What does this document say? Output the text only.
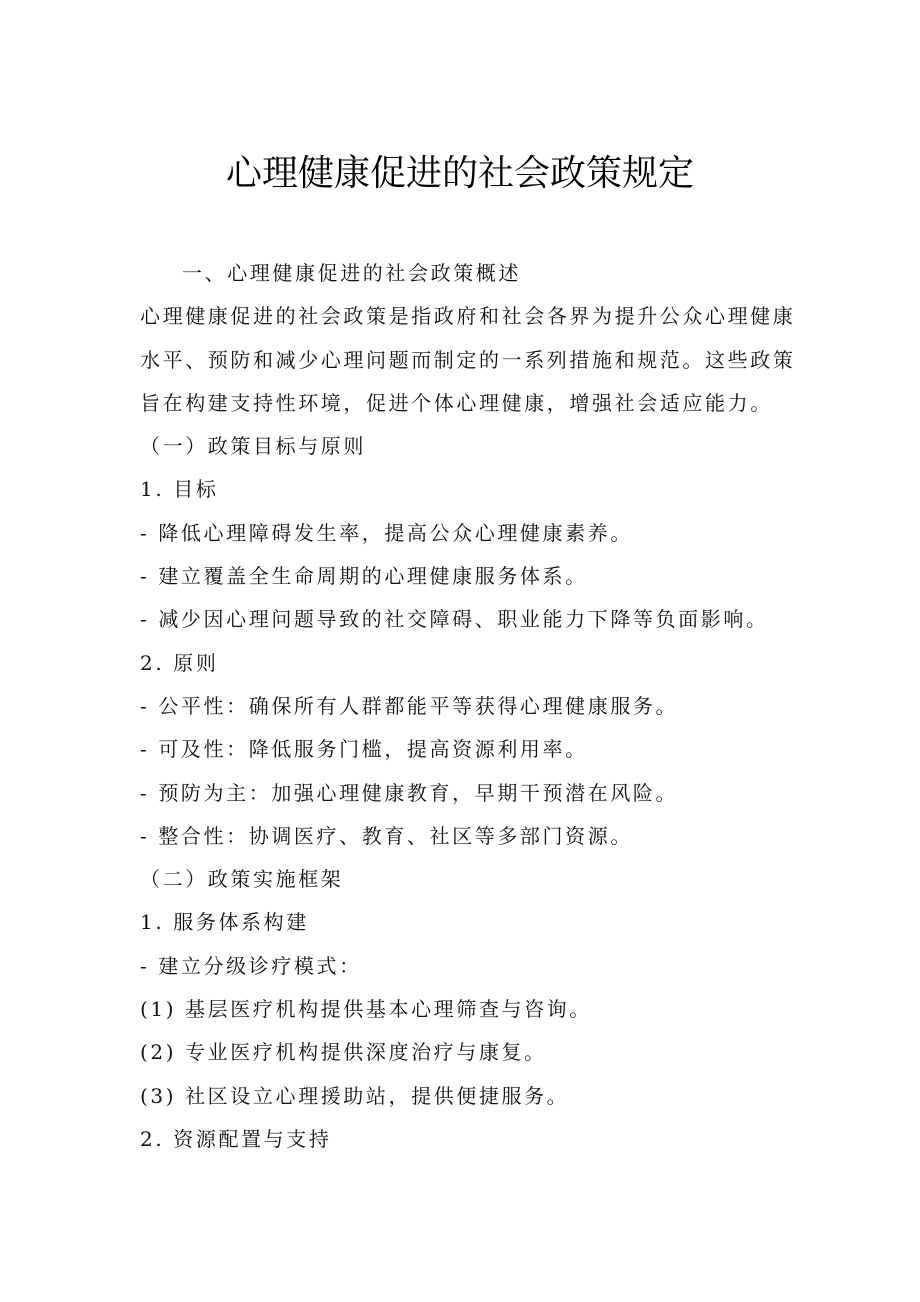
心理健康促进的社会政策规定
一、心理健康促进的社会政策概述
心理健康促进的社会政策是指政府和社会各界为提升公众心理健康
水平、预防和减少心理问题而制定的一系列措施和规范。这些政策
旨在构建支持性环境，促进个体心理健康，增强社会适应能力。
（一）政策目标与原则
1. 目标
- 降低心理障碍发生率，提高公众心理健康素养。
- 建立覆盖全生命周期的心理健康服务体系。
- 减少因心理问题导致的社交障碍、职业能力下降等负面影响。
2. 原则
- 公平性：确保所有人群都能平等获得心理健康服务。
- 可及性：降低服务门槛，提高资源利用率。
- 预防为主：加强心理健康教育，早期干预潜在风险。
- 整合性：协调医疗、教育、社区等多部门资源。
（二）政策实施框架
1. 服务体系构建
- 建立分级诊疗模式：
(1) 基层医疗机构提供基本心理筛查与咨询。
(2) 专业医疗机构提供深度治疗与康复。
(3) 社区设立心理援助站，提供便捷服务。
2. 资源配置与支持
